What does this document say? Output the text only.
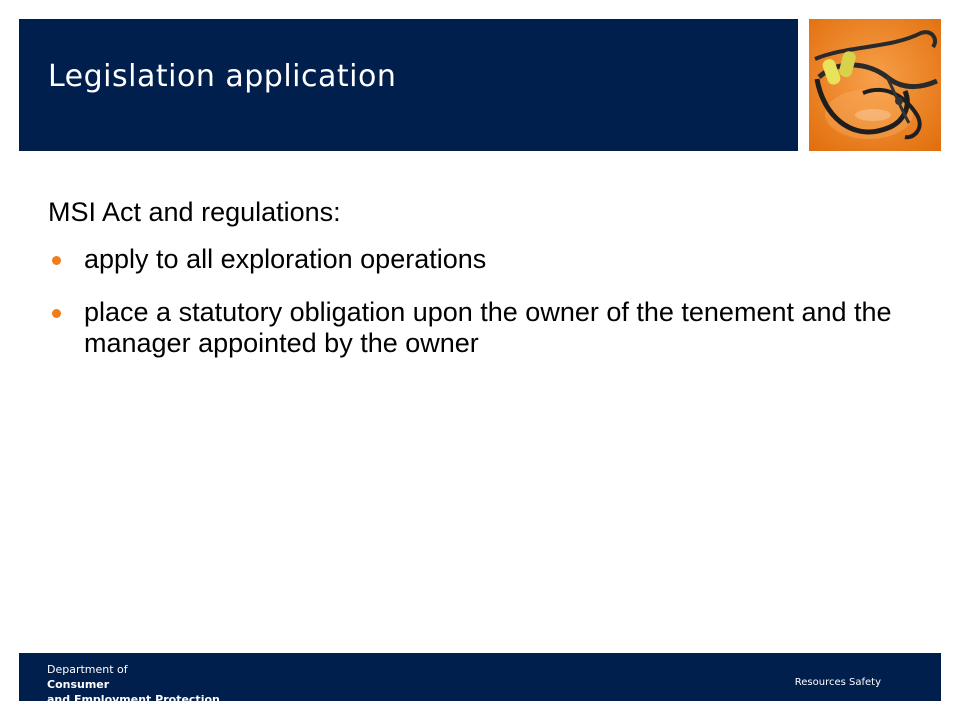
Legislation application
MSI Act and regulations:
apply to all exploration operations
place a statutory obligation upon the owner of the tenement and the manager appointed by the owner
Department of
Consumer
and Employment Protection
Resources Safety
